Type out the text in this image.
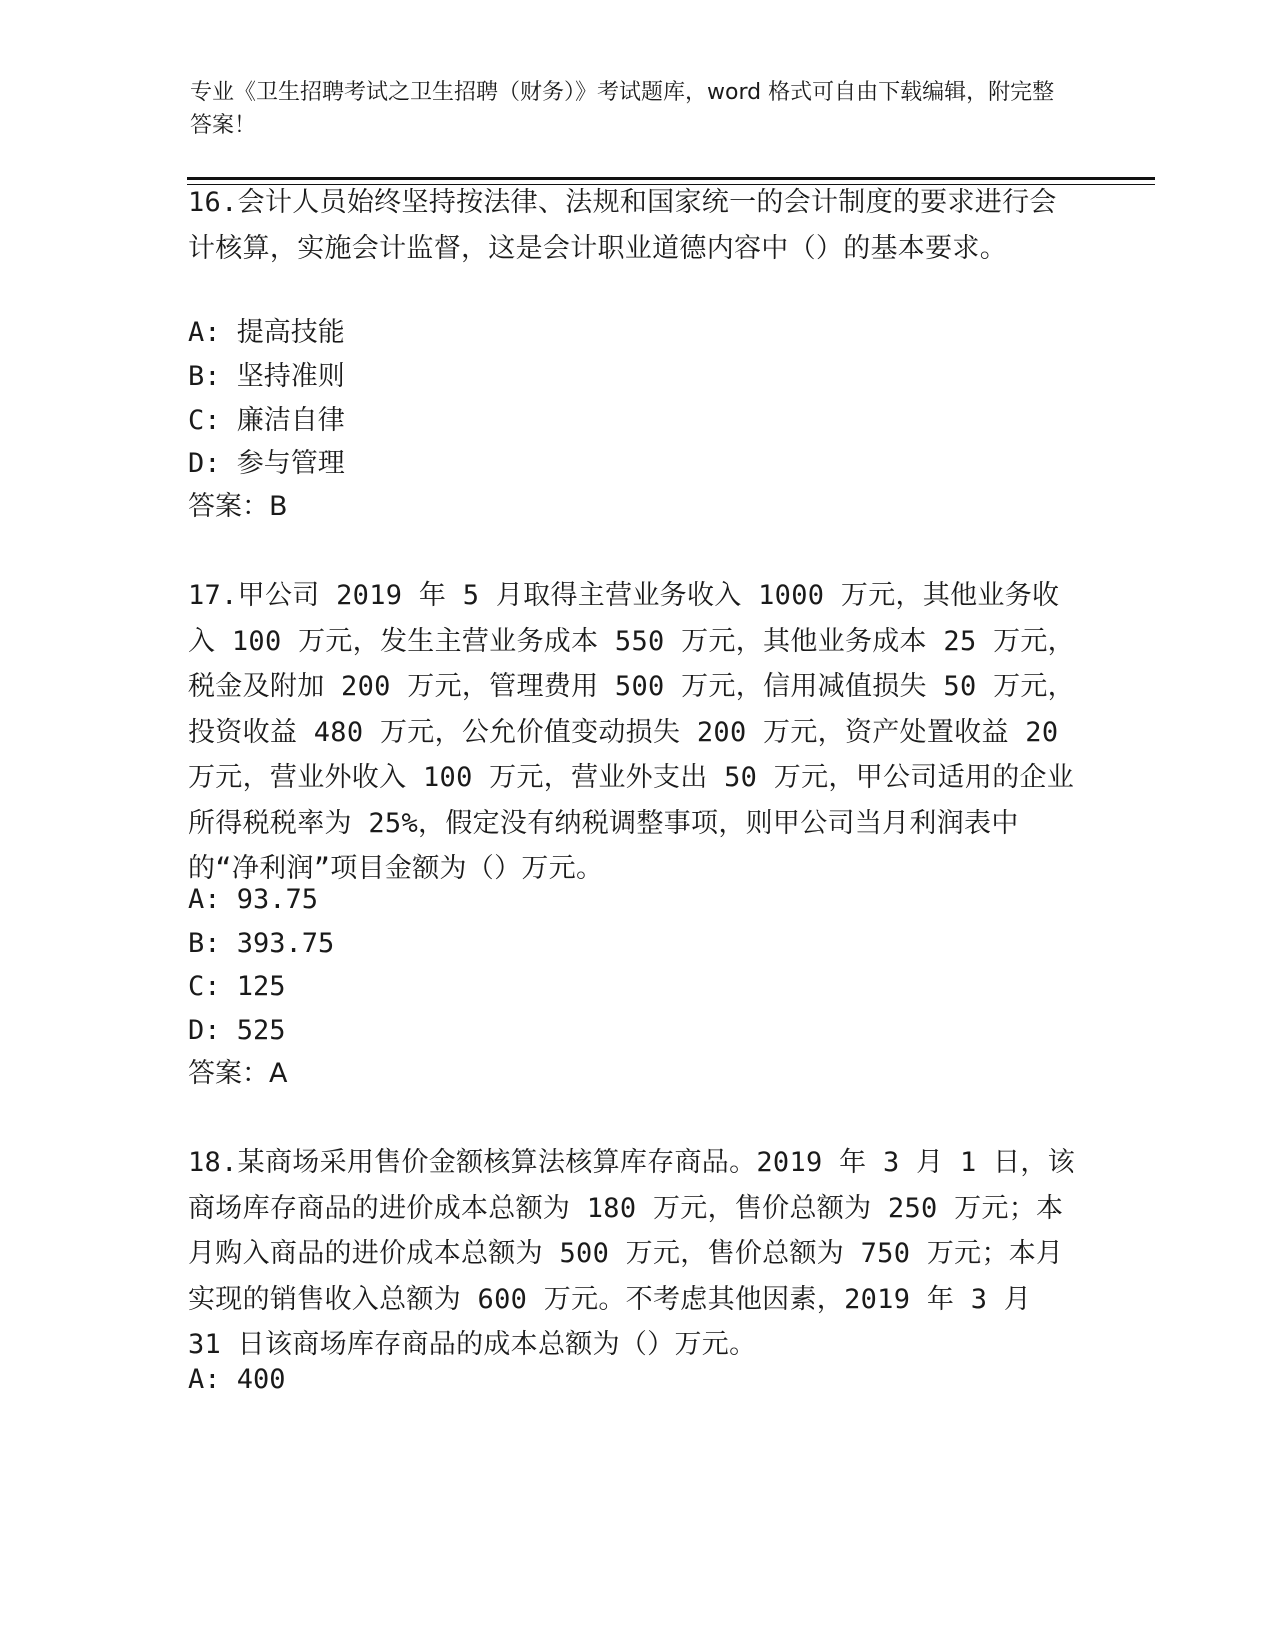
专业《卫生招聘考试之卫生招聘（财务）》考试题库，word 格式可自由下载编辑，附完整答案！
16.会计人员始终坚持按法律、法规和国家统一的会计制度的要求进行会计核算，实施会计监督，这是会计职业道德内容中（）的基本要求。
A: 提高技能
B: 坚持准则
C: 廉洁自律
D: 参与管理
答案：B
17.甲公司 2019 年 5 月取得主营业务收入 1000 万元，其他业务收入 100 万元，发生主营业务成本 550 万元，其他业务成本 25 万元，税金及附加 200 万元，管理费用 500 万元，信用减值损失 50 万元，投资收益 480 万元，公允价值变动损失 200 万元，资产处置收益 20 万元，营业外收入 100 万元，营业外支出 50 万元，甲公司适用的企业所得税税率为 25%，假定没有纳税调整事项，则甲公司当月利润表中的“净利润”项目金额为（）万元。
A: 93.75
B: 393.75
C: 125
D: 525
答案：A
18.某商场采用售价金额核算法核算库存商品。2019 年 3 月 1 日，该商场库存商品的进价成本总额为 180 万元，售价总额为 250 万元；本月购入商品的进价成本总额为 500 万元，售价总额为 750 万元；本月实现的销售收入总额为 600 万元。不考虑其他因素，2019 年 3 月 31 日该商场库存商品的成本总额为（）万元。
A: 400
